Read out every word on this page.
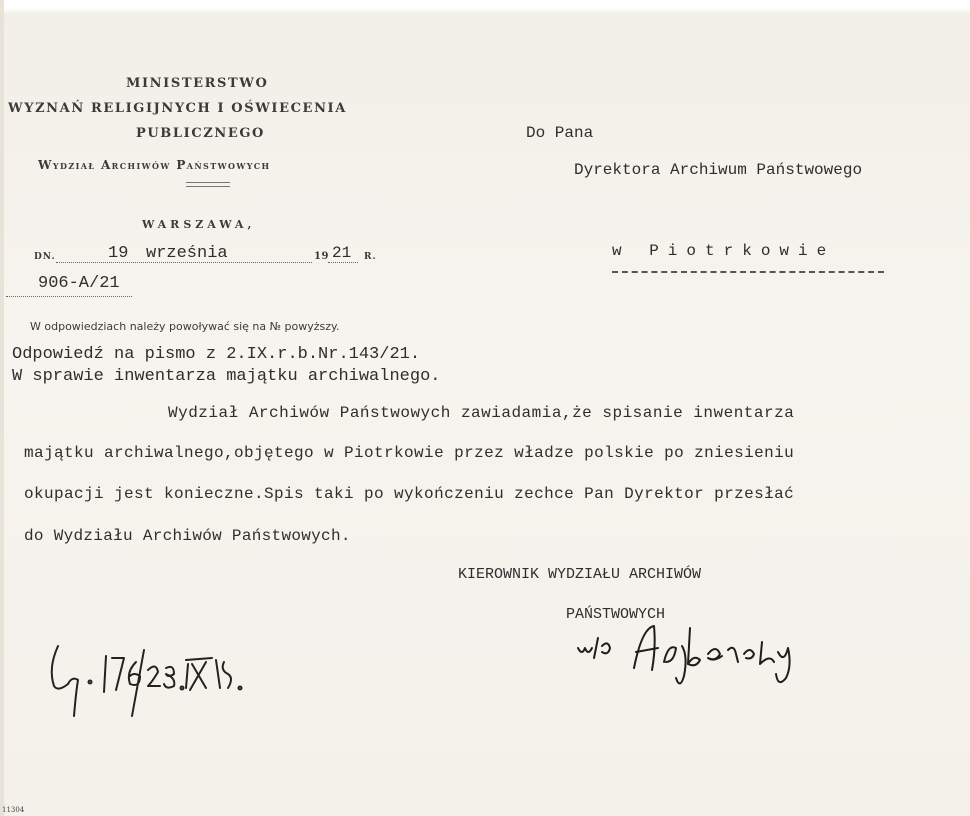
MINISTERSTWO
WYZNAŃ RELIGIJNYCH I OŚWIECENIA
PUBLICZNEGO
Wydział Archiwów Państwowych
WARSZAWA,
DN.	19 września	19 21 R.
906-A/21
W odpowiedziach należy powoływać się na № powyższy.
Do Pana
Dyrektora Archiwum Państwowego
w Piotrkowie
Odpowiedź na pismo z 2.IX.r.b.Nr.143/21.
W sprawie inwentarza majątku archiwalnego.
Wydział Archiwów Państwowych zawiadamia,że spisanie inwentarza
majątku archiwalnego,objętego w Piotrkowie przez władze polskie po zniesieniu
okupacji jest konieczne.Spis taki po wykończeniu zechce Pan Dyrektor przesłać
do Wydziału Archiwów Państwowych.
KIEROWNIK WYDZIAŁU ARCHIWÓW
PAŃSTWOWYCH
11304
